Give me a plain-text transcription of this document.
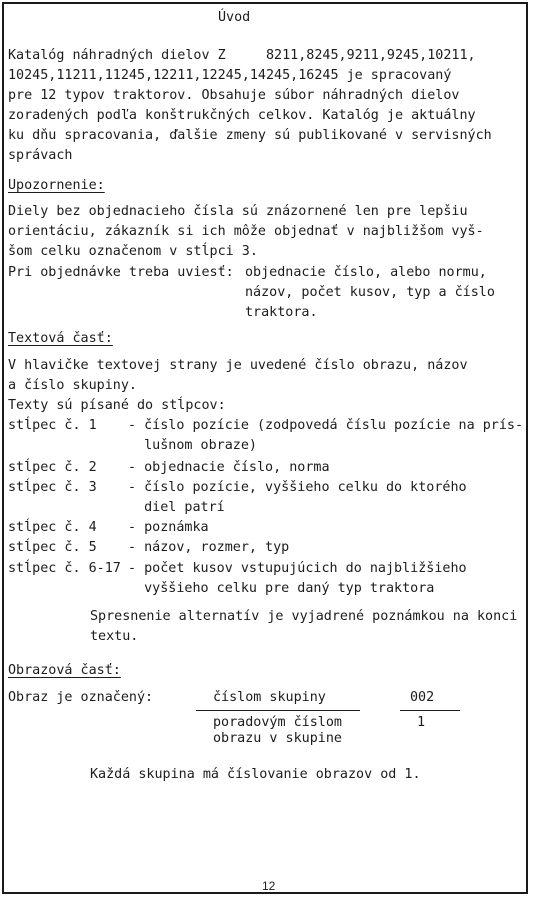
Úvod
Katalóg náhradných dielov Z     8211,8245,9211,9245,10211,
10245,11211,11245,12211,12245,14245,16245 je spracovaný
pre 12 typov traktorov. Obsahuje súbor náhradných dielov
zoradených podľa konštrukčných celkov. Katalóg je aktuálny
ku dňu spracovania, ďalšie zmeny sú publikované v servisných
správach
Upozornenie:
Diely bez objednacieho čísla sú znázornené len pre lepšiu
orientáciu, zákazník si ich môže objednať v najbližšom vyš-
šom celku označenom v stĺpci 3.
Pri objednávke treba uviesť: objednacie číslo, alebo normu,
názov, počet kusov, typ a číslo
traktora.
Textová časť:
V hlavičke textovej strany je uvedené číslo obrazu, názov
a číslo skupiny.
Texty sú písané do stĺpcov:
stĺpec č. 1 - číslo pozície (zodpovedá číslu pozície na prís-
lušnom obraze)
stĺpec č. 2 - objednacie číslo, norma
stĺpec č. 3 - číslo pozície, vyššieho celku do ktorého
diel patrí
stĺpec č. 4 - poznámka
stĺpec č. 5 - názov, rozmer, typ
stĺpec č. 6-17 - počet kusov vstupujúcich do najbližšieho
vyššieho celku pre daný typ traktora
Spresnenie alternatív je vyjadrené poznámkou na konci
textu.
Obrazová časť:
Obraz je označený:	číslom skupiny	002
poradovým číslom
obrazu v skupine
1
Každá skupina má číslovanie obrazov od 1.
12
